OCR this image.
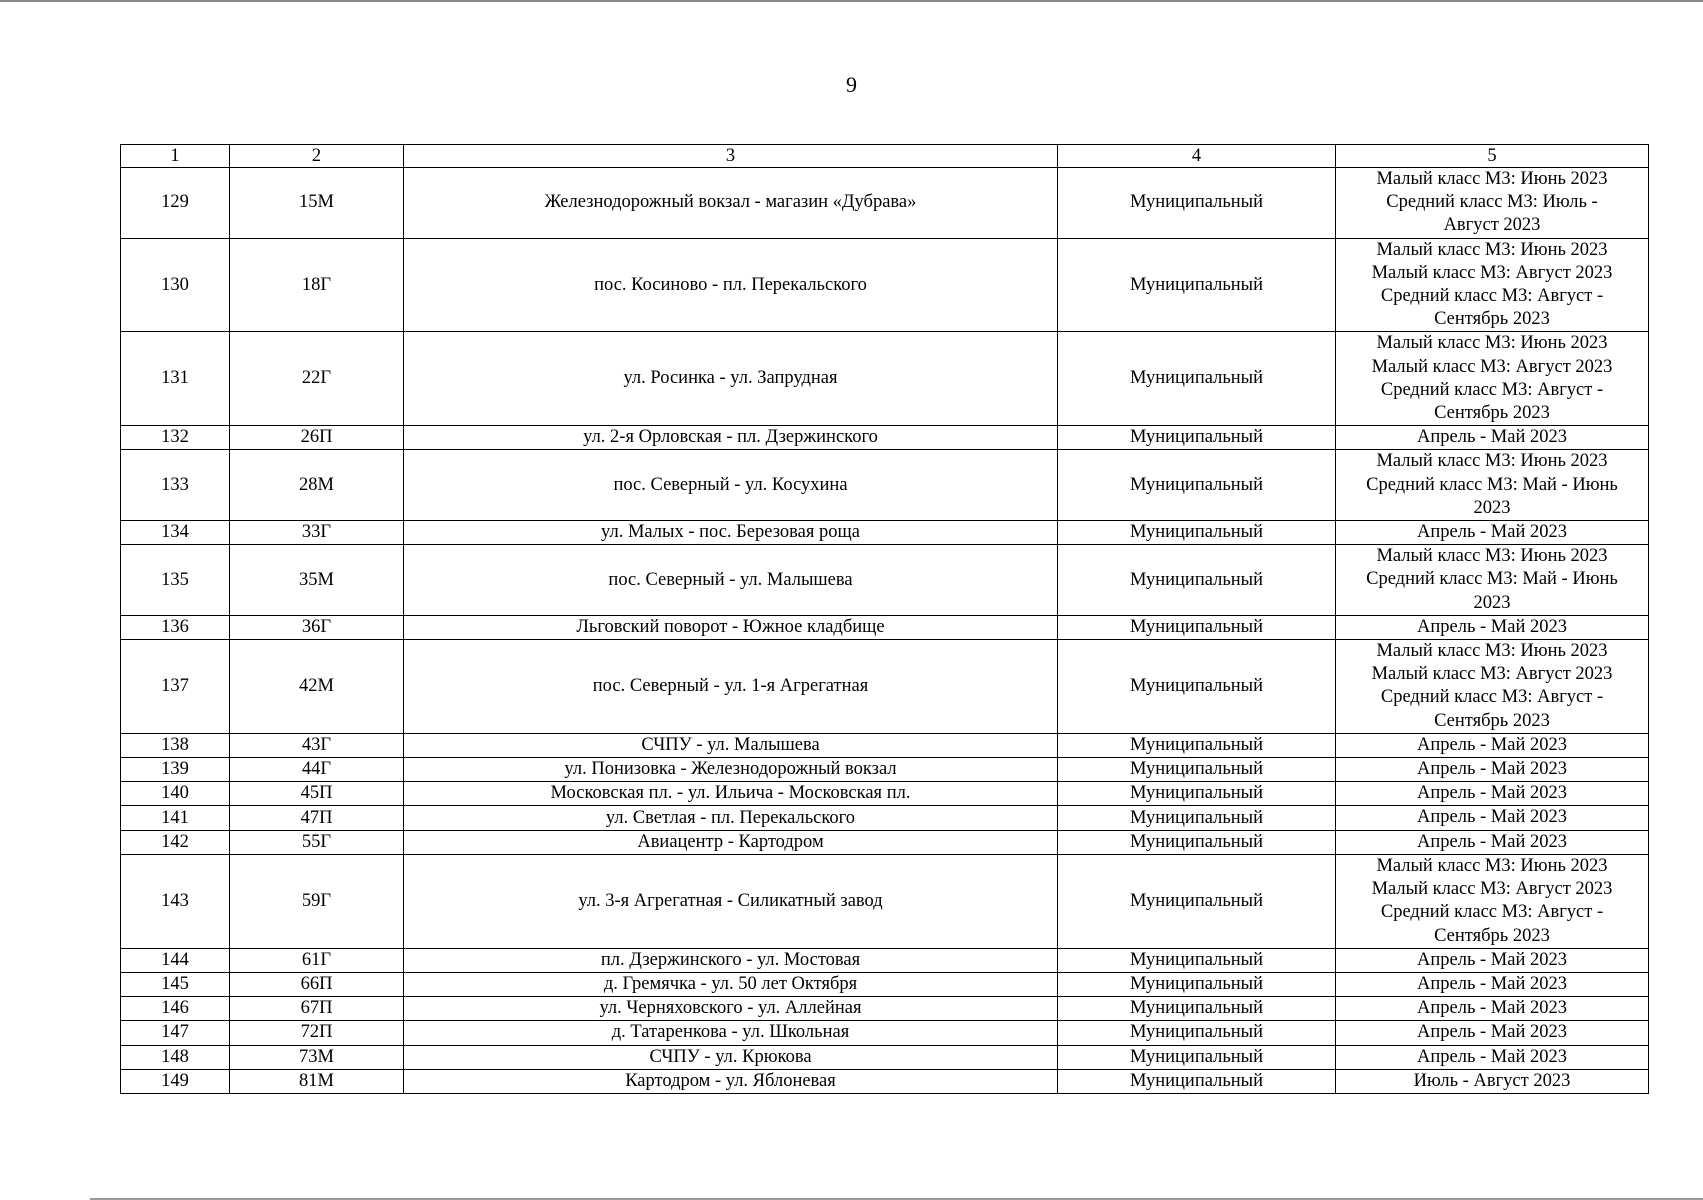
9
1	2	3	4	5
129	15М	Железнодорожный вокзал - магазин «Дубрава»	Муниципальный	Малый класс М3: Июнь 2023
Средний класс М3: Июль -
Август 2023

130	18Г	пос. Косиново - пл. Перекальского	Муниципальный	Малый класс М3: Июнь 2023
Малый класс М3: Август 2023
Средний класс М3: Август -
Сентябрь 2023

131	22Г	ул. Росинка - ул. Запрудная	Муниципальный	Малый класс М3: Июнь 2023
Малый класс М3: Август 2023
Средний класс М3: Август -
Сентябрь 2023

132	26П	ул. 2-я Орловская - пл. Дзержинского	Муниципальный	Апрель - Май 2023

133	28М	пос. Северный - ул. Косухина	Муниципальный	Малый класс М3: Июнь 2023
Средний класс М3: Май - Июнь
2023

134	33Г	ул. Малых - пос. Березовая роща	Муниципальный	Апрель - Май 2023

135	35М	пос. Северный - ул. Малышева	Муниципальный	Малый класс М3: Июнь 2023
Средний класс М3: Май - Июнь
2023

136	36Г	Льговский поворот - Южное кладбище	Муниципальный	Апрель - Май 2023

137	42М	пос. Северный - ул. 1-я Агрегатная	Муниципальный	Малый класс М3: Июнь 2023
Малый класс М3: Август 2023
Средний класс М3: Август -
Сентябрь 2023

138	43Г	СЧПУ - ул. Малышева	Муниципальный	Апрель - Май 2023

139	44Г	ул. Понизовка - Железнодорожный вокзал	Муниципальный	Апрель - Май 2023

140	45П	Московская пл. - ул. Ильича - Московская пл.	Муниципальный	Апрель - Май 2023

141	47П	ул. Светлая - пл. Перекальского	Муниципальный	Апрель - Май 2023

142	55Г	Авиацентр - Картодром	Муниципальный	Апрель - Май 2023

143	59Г	ул. 3-я Агрегатная - Силикатный завод	Муниципальный	Малый класс М3: Июнь 2023
Малый класс М3: Август 2023
Средний класс М3: Август -
Сентябрь 2023

144	61Г	пл. Дзержинского - ул. Мостовая	Муниципальный	Апрель - Май 2023

145	66П	д. Гремячка - ул. 50 лет Октября	Муниципальный	Апрель - Май 2023

146	67П	ул. Черняховского - ул. Аллейная	Муниципальный	Апрель - Май 2023

147	72П	д. Татаренкова - ул. Школьная	Муниципальный	Апрель - Май 2023

148	73М	СЧПУ - ул. Крюкова	Муниципальный	Апрель - Май 2023

149	81М	Картодром - ул. Яблоневая	Муниципальный	Июль - Август 2023
